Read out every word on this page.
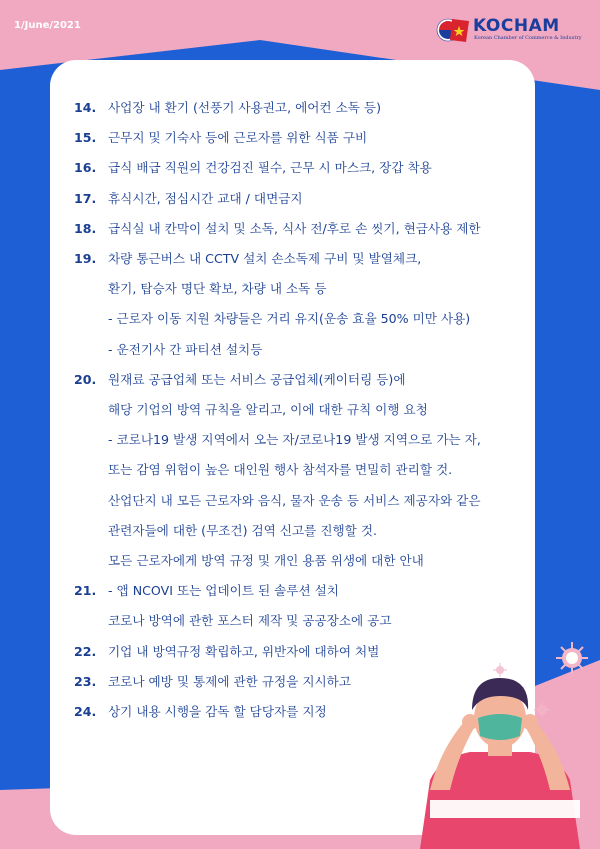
1/June/2021	KOCHAM
Korean Chamber of Commerce & Industry
14. 사업장 내 환기 (선풍기 사용권고, 에어컨 소독 등)
15. 근무지 및 기숙사 등에 근로자를 위한 식품 구비
16. 급식 배급 직원의 건강검진 필수, 근무 시 마스크, 장갑 착용
17. 휴식시간, 점심시간 교대 / 대면금지
18. 급식실 내 칸막이 설치 및 소독, 식사 전/후로 손 씻기, 현금사용 제한
19. 차량 통근버스 내 CCTV 설치 손소독제 구비 및 발열체크,
환기, 탑승자 명단 확보, 차량 내 소독 등
- 근로자 이동 지원 차량들은 거리 유지(운송 효율 50% 미만 사용)
- 운전기사 간 파티션 설치등
20. 원재료 공급업체 또는 서비스 공급업체(케이터링 등)에
해당 기업의 방역 규칙을 알리고, 이에 대한 규칙 이행 요청
- 코로나19 발생 지역에서 오는 자/코로나19 발생 지역으로 가는 자,
또는 감염 위험이 높은 대인원 행사 참석자를 면밀히 관리할 것.
산업단지 내 모든 근로자와 음식, 물자 운송 등 서비스 제공자와 같은
관련자들에 대한 (무조건) 검역 신고를 진행할 것.
모든 근로자에게 방역 규정 및 개인 용품 위생에 대한 안내
21. - 앱 NCOVI 또는 업데이트 된 솔루션 설치
코로나 방역에 관한 포스터 제작 및 공공장소에 공고
22. 기업 내 방역규정 확립하고, 위반자에 대하여 처벌
23. 코로나 예방 및 통제에 관한 규정을 지시하고
24. 상기 내용 시행을 감독 할 담당자를 지정
